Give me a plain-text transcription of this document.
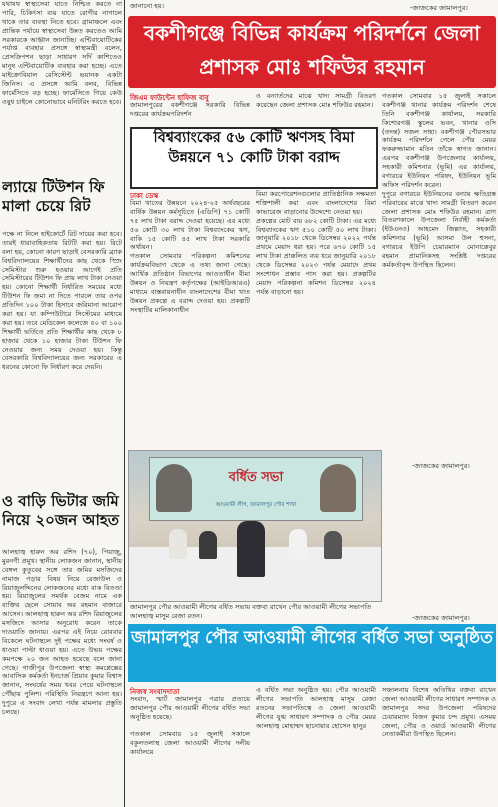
যথাযথ স্বাস্থ্যসেবা যাতে নিশ্চিত করতে না পারি, চিকিৎসা ব্যয় যাতে রোগীর নাগালে থাকে তার ব্যবস্থা নিতে হবে। গ্রামাঞ্চলে এবং প্রান্তিক পর্যায়ে স্বাস্থ্যসেবা উন্নত করতেও আমি সরকারকে আহ্বান জানাচ্ছি। এন্টিবায়োটিকের পর্যাপ্ত ব্যবহার প্রসঙ্গে স্বাস্থ্যমন্ত্রী বলেন, প্রেসক্রিপশন ছাড়া সাধারণ সর্দি কাশিতেও মানুষ এন্টিবায়োটিক ব্যবহার করা হচ্ছে। এতে মাইক্রোবিয়াল রেসিস্টেন্ট ভয়ানক একটা জিনিস। এ প্রসঙ্গে আমি বলব, বিভিন্ন ফার্মেসিতে বড় হচ্ছে। ফার্মেসিতে গিয়ে কেউ ওষুধ চাইলে কোনোভাবে মনিটরিং করতে হবে।
ল্যায়ে টিউশন ফি মালা চেয়ে রিট
পক্ষে না নিলে হাইকোর্টে রিট দায়ের করা হবে। তারই ধারাবাহিকতায় রিটটি করা হয়। রিটে বলা হয়, কোনো কারণ ছাড়াই বেসরকারি ব্র্যাক বিশ্ববিদ্যালয়ের শিক্ষার্থীদের কাছ থেকে স্প্রিং সেমিস্টার শুরু হওয়ার আগেই প্রতি সেমিস্টারের টিউশন ফি প্রায় লাখ টাকা নেওয়া হয়। কোনো শিক্ষার্থী নির্ধারিত সময়ের মধ্যে টিউশন ফি জমা না দিতে পারলে তার ওপর প্রতিদিন ১০০ টাকা হিসাবে জরিমানা আরোপ করা হয়। যা কম্পিউটারে সিস্টেমের মাধ্যমে করা হয়। তবে মেডিকেল কলেজে ৫০ বা ১০০ শিক্ষার্থী ভর্তিতে প্রতি শিক্ষার্থীর কাছ থেকে ৮ হাজার থেকে ১০ হাজার টাকা টিউশন ফি নেওয়ার জন্য সময় দেওয়া হয়। কিন্তু বেসরকারি বিশ্ববিদ্যালয়ের জন্য সরকারের এ ধরনের কোনো ফি নির্ধারণ করে দেয়নি।
ও বাড়ি ভিটার জমি নিয়ে ২০জন আহত
আলহাজ্ব হারুন অর রশিদ (৭০), পিয়াজু, মুরনগী প্রমুখ। স্থানীয় লোকজন জানান, স্থানীয় বেঙ্গল কুতুবের সঙ্গে তার জমির মসজিদের নামাজ পড়ার বিষয় নিয়ে রেজাউল ও রিয়াজুলদ্দিনের লোকজনের মধ্যে বাক বিতণ্ডা হয়। রিয়াজুলের সমর্থক বেজম নামে এক ব্যক্তির ছেলে সোয়াব অর রহমান বাজারে আসেন। আলহাজ্ব হারুন অর রশিদ রিয়াজুলের মসজিদে আসার অনুরোধ করেন তাকে দাওয়াতি জানায়। এরপর এই নিয়ে রোববার বিকেলে ঘটনাস্থলে দুই পক্ষের মধ্যে সংঘর্ষ ও ধাওয়া পাল্টা ধাওয়া হয়। এতে উভয় পক্ষের কমপক্ষে ২০ জন আহত হয়েছে বলে জানা গেছে। গাজীপুর উপজেলা স্বাস্থ্য কমপ্লেক্সের আবাসিক কর্মকর্তা ইনচার্জ প্রিয়াব কুমার বিশ্বাস জানান, সংঘর্ষের সময় খবর পেয়ে ঘটনাস্থলে পৌঁছায় পুলিশ। পরিস্থিতি নিয়ন্ত্রণে আনা হয়। দুপুরে এ সংবাদ লেখা পর্যন্ত মামলার প্রস্তুতি চলছে।
জানানো হয়।	-জাজকের জামালপুর।
বকশীগঞ্জে বিভিন্ন কার্যক্রম পরিদর্শনে জেলা প্রশাসক মোঃ শফিউর রহমান
জিএম ফাউন্টেন হাফিজ বাবু
জামালপুরের বকশীগঞ্জে সরকারি বিভিন্ন দপ্তরের কার্যক্রমপরিদর্শন
ও বন্যার্তদের মাঝে খাদ্য সামগ্রী বিতরণ করেছেন জেলা প্রশাসক মোঃ শফিউর রহমান।
গতকাল সোমবার ১৫ জুলাই সকালে বকশীগঞ্জ থানার কার্যক্রম পরিদর্শন শেষে তিনি বকশীগঞ্জ কার্যালয়, সরকারি কিশোরগঞ্জ স্কুলের ভবন, খানার ওসি (তদন্ত) সজল সাহা। বকশীগঞ্জ পৌরসভার কার্যক্রম পরিদর্শনে গেলে পৌর মেয়র ফকরুজ্জামান মতিন তাঁকে স্বাগত জানান। এরপর বকশীগঞ্জ উপজেলার কার্যালয়, সহকারী কমিশনার (ভূমি) এর কার্যালয়, বগারচর ইউনিয়ন পরিষদ, ইউনিয়ন ভূমি অফিস পরিদর্শন করেন।
দুপুরে বগারচর ইউনিয়নের বন্যায় ক্ষতিগ্রস্ত পরিবারের মাঝে খাদ্য সামগ্রী বিতরণ করেন জেলা প্রশাসক মোঃ শফিউর রহমান। ত্রাণ বিতরণকালে উপজেলা নির্বাহী কর্মকর্তা (ইউএনও) আহমেদ জিল্লাত, সহকারী কমিশনার (ভূমি) আসমা উল হুসনা, বগারচর ইউপি চেয়ারম্যান মোনাক্কেবুর রহমান প্রামানিকসহ সংশ্লিষ্ট দপ্তরের কর্মকর্তাবৃন্দ উপস্থিত ছিলেন।
-জাজকের জামালপুর।
বিশ্বব্যাংকের ৫৬ কোটি ঋণসহ বিমা উন্নয়নে ৭১ কোটি টাকা বরাদ্দ
ঢাকা ডেস্ক
বিমা খাতের উন্নয়নে ২০২৪-২৫ অর্থবছরের বার্ষিক উন্নয়ন কর্মসূচিতে (এডিপি) ৭১ কোটি ৭৫ লাখ টাকা বরাদ্দ দেওয়া হয়েছে। এর মধ্যে ৫৬ কোটি ৩০ লাখ টাকা বিশ্বব্যাংকের ঋণ, বাকি ১৫ কোটি ৪৫ লাখ টাকা সরকারি অর্থায়ন।
গতকাল সোমবার পরিকল্পনা কমিশনের কার্যক্রমবিভাগ থেকে এ তথ্য জানা গেছে। আর্থিক প্রতিষ্ঠান বিভাগের আওতাধীন বীমা উন্নয়ন ও নিয়ন্ত্রণ কর্তৃপক্ষের (আইডিআরএ) মাধ্যমে বাস্তবায়নাধীন বাংলাদেশের বীমা খাত উন্নয়ন প্রকল্পে এ বরাদ্দ দেওয়া হয়। প্রকল্পটি সংস্থাটির মালিকানাধীন
বিমা করপোরেশনগুলোর প্রাতিষ্ঠানিক সক্ষমতা শক্তিশালী করা এবং বাংলাদেশের বিমা কাভারেজ বাড়ানোর উদ্দেশ্যে নেওয়া হয়।
প্রকল্পের মোট ব্যয় ৬৮২ কোটি টাকা। এর মধ্যে বিশ্বব্যাংকের ঋণ ৫১০ কোটি ৫০ লাখ টাকা। জানুয়ারি ২০১৮ থেকে ডিসেম্বর ২০২২ পর্যন্ত প্রথমে মেয়াদ ধরা হয়। পরে ৬৭০ কোটি ১৫ লাখ টাকা প্রাক্কলিত ব্যয় ধরে জানুয়ারি ২০১৮ থেকে ডিসেম্বর ২০২৩ পর্যন্ত মেয়াদে প্রথম সংশোধন প্রস্তাব পাস করা হয়। প্রকল্পটির মেয়াদ পরিকল্পনা কমিশন ডিসেম্বর ২০২৪ পর্যন্ত বাড়ানো হয়।
বর্ধিত সভা
আওয়ামী লীগ, জামালপুর পৌর শাখা
জামালপুর পৌর আওয়ামী লীগের বর্ধিত সভায় বক্তব্য রাখেন পৌর আওয়ামী লীগের সভাপতি আলহাজ্ব মাসুম রেজা রতন।	-জাজকের জামালপুর।
জামালপুর পৌর আওয়ামী লীগের বর্ধিত সভা অনুষ্ঠিত
নিজস্ব সংবাদদাতা
সংবাদ, স্মার্ট জামালপুর পত্রার প্রত্যয়ে জামালপুর পৌর আওয়ামী লীগের বর্ধিত সভা অনুষ্ঠিত হয়েছে।
গতকাল সোমবার ১৫ জুলাই সকালে বকুলতলাস্থ জেলা আওয়ামী লীগের দলীয় কার্যালয়ে
এ বর্ধিত সভা অনুষ্ঠিত হয়। পৌর আওয়ামী লীগের সভাপতি আলহাজ্ব মাসুম রেজা রতনের সভাপতিত্বে ও জেলা আওয়ামী লীগের যুগ্ম সাধারণ সম্পাদক ও পৌর মেয়র আলহাজ্ব মোহাম্মদ ছানোয়ার হোসেন ছানুর
সঞ্চালনায় বিশেষ অতিথির বক্তব্য রাখেন জেলা আওয়ামী লীগের সাধারণ সম্পাদক ও জামালপুর সদর উপজেলা পরিষদের চেয়ারম্যান বিজন কুমার চন্দ প্রমুখ। এসময় জেলা, পৌর ও ওয়ার্ড আওয়ামী লীগের নেতাকর্মীরা উপস্থিত ছিলেন।
